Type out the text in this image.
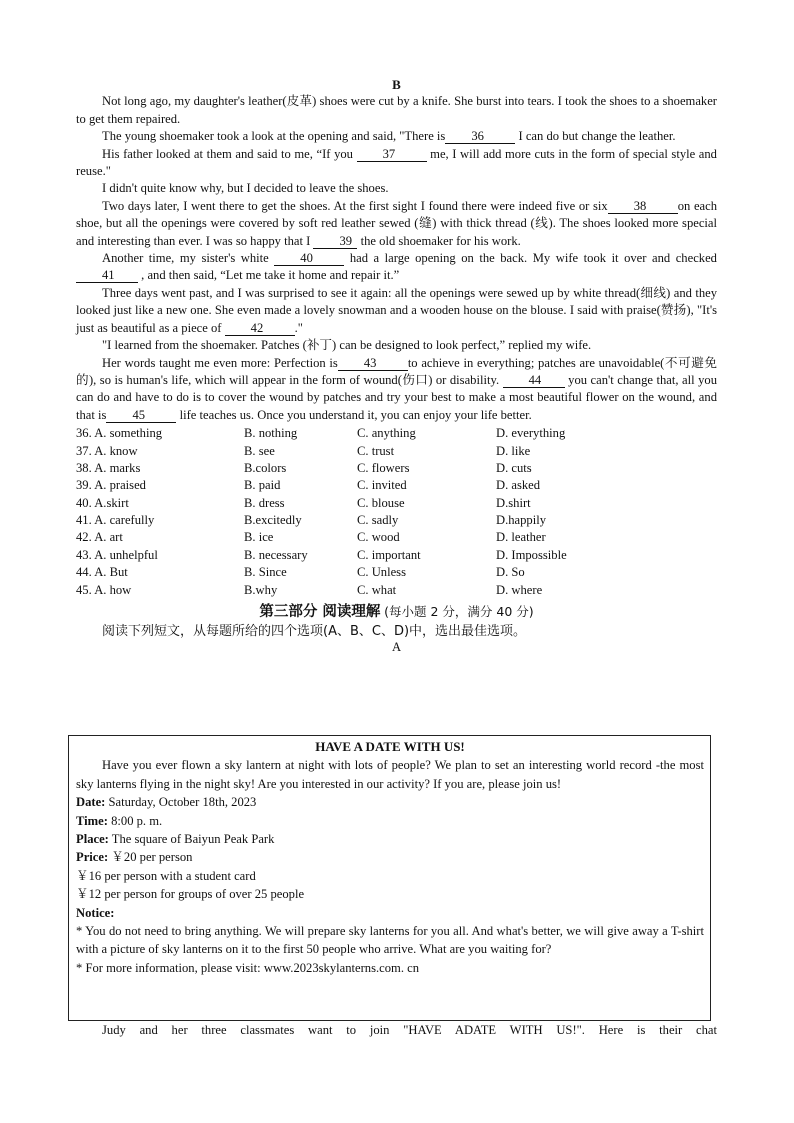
B
Not long ago, my daughter's leather(皮革) shoes were cut by a knife. She burst into tears. I took the shoes to a shoemaker to get them repaired.
The young shoemaker took a look at the opening and said, "There is 36	I can do but change the leather.
His father looked at them and said to me, “If you 37	me, I will add more cuts in the form of special style and reuse."
I didn't quite know why, but I decided to leave the shoes.
Two days later, I went there to get the shoes. At the first sight I found there were indeed five or six 38 on each shoe, but all the openings were covered by soft red leather sewed (缝) with thick thread (线). The shoes looked more special and interesting than ever. I was so happy that I 39 the old shoemaker for his work.
Another time, my sister's white	40	had a large opening on the back. My wife took it over and checked 41 , and then said, “Let me take it home and repair it.”
Three days went past, and I was surprised to see it again: all the openings were sewed up by white thread(细线) and they looked just like a new one. She even made a lovely snowman and a wooden house on the blouse. I said with praise(赞扬), "It's just as beautiful as a piece of 42 ."
"I learned from the shoemaker. Patches (补丁) can be designed to look perfect,” replied my wife.
Her words taught me even more: Perfection is 43 to achieve in everything; patches are unavoidable(不可避免的), so is human's life, which will appear in the form of wound(伤口) or disability. 44 you can't change that, all you can do and have to do is to cover the wound by patches and try your best to make a most beautiful flower on the wound, and that is 45	life teaches us. Once you understand it, you can enjoy your life better.
36. A. something	B. nothing	C. anything	D. everything
37. A. know	B. see	C. trust	D. like
38. A. marks	B.colors	C. flowers	D. cuts
39. A. praised	B. paid	C. invited	D. asked
40. A.skirt	B. dress	C. blouse	D.shirt
41. A. carefully	B.excitedly	C. sadly	D.happily
42. A. art	B. ice	C. wood	D. leather
43. A. unhelpful	B. necessary	C. important	D. Impossible
44. A. But	B. Since	C. Unless	D. So
45. A. how	B.why	C. what	D. where
第三部分 阅读理解 (每小题 2 分，满分 40 分)
阅读下列短文，从每题所给的四个选项(A、B、C、D)中，选出最佳选项。
A
HAVE A DATE WITH US!
Have you ever flown a sky lantern at night with lots of people? We plan to set an interesting world record -the most sky lanterns flying in the night sky! Are you interested in our activity? If you are, please join us!
Date: Saturday, October 18th, 2023
Time: 8:00 p. m.
Place: The square of Baiyun Peak Park
Price: ￥20 per person
￥16 per person with a student card
￥12 per person for groups of over 25 people
Notice:
* You do not need to bring anything. We will prepare sky lanterns for you all. And what's better, we will give away a T-shirt with a picture of sky lanterns on it to the first 50 people who arrive. What are you waiting for?
* For more information, please visit: www.2023skylanterns.com. cn
Judy and her three classmates want to join "HAVE ADATE WITH US!". Here is their chat
